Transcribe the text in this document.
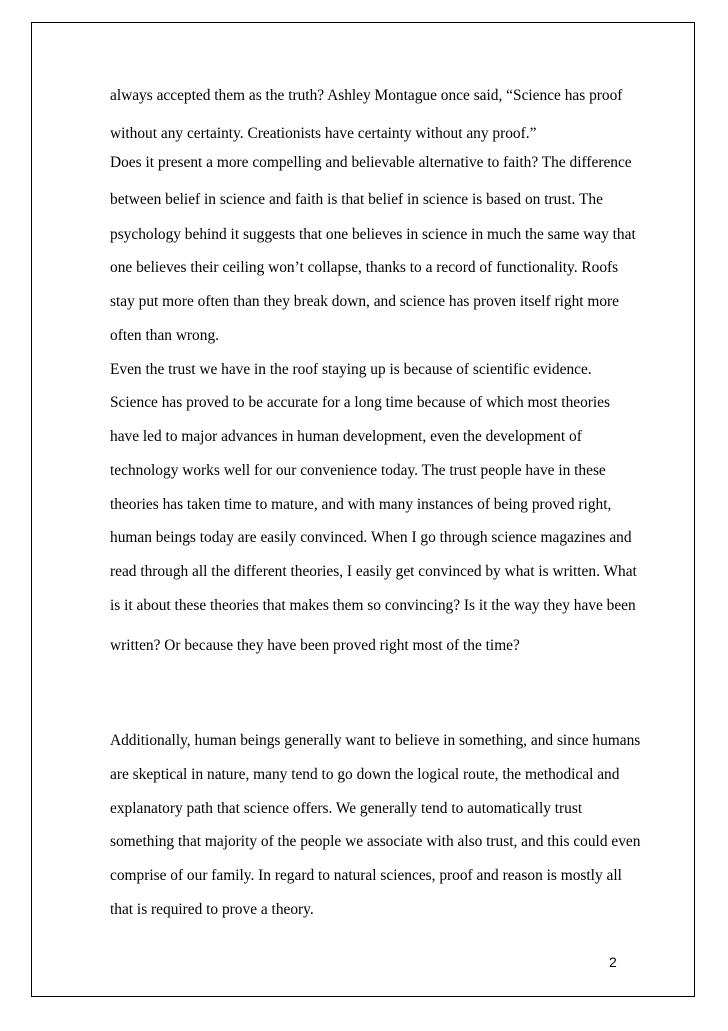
always accepted them as the truth? Ashley Montague once said, “Science has proof

without any certainty. Creationists have certainty without any proof.”

Does it present a more compelling and believable alternative to faith? The difference

between belief in science and faith is that belief in science is based on trust. The

psychology behind it suggests that one believes in science in much the same way that

one believes their ceiling won’t collapse, thanks to a record of functionality. Roofs

stay put more often than they break down, and science has proven itself right more

often than wrong.

Even the trust we have in the roof staying up is because of scientific evidence.

Science has proved to be accurate for a long time because of which most theories

have led to major advances in human development, even the development of

technology works well for our convenience today. The trust people have in these

theories has taken time to mature, and with many instances of being proved right,

human beings today are easily convinced. When I go through science magazines and

read through all the different theories, I easily get convinced by what is written. What

is it about these theories that makes them so convincing? Is it the way they have been

written? Or because they have been proved right most of the time?

Additionally, human beings generally want to believe in something, and since humans

are skeptical in nature, many tend to go down the logical route, the methodical and

explanatory path that science offers. We generally tend to automatically trust

something that majority of the people we associate with also trust, and this could even

comprise of our family. In regard to natural sciences, proof and reason is mostly all

that is required to prove a theory.

2
